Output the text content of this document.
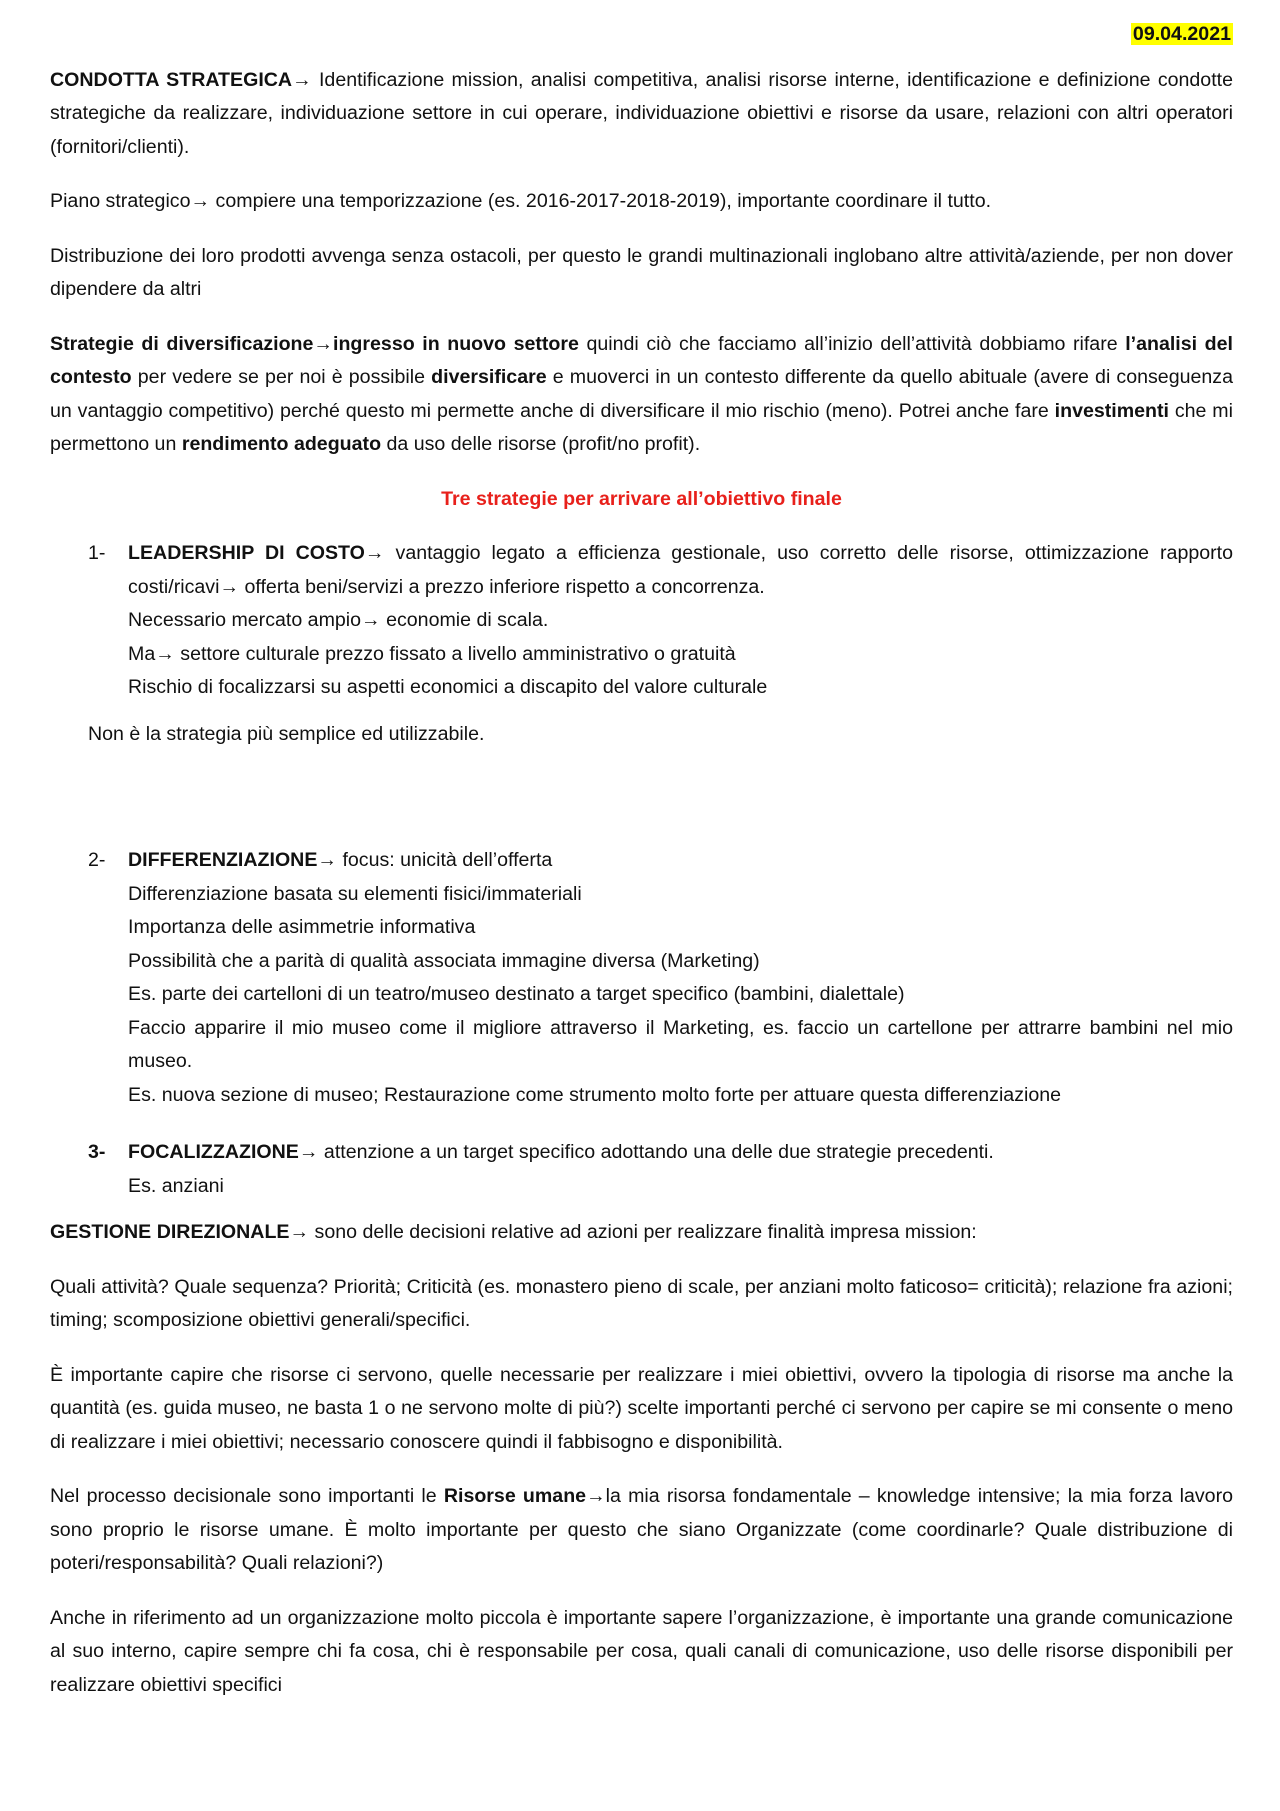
09.04.2021

CONDOTTA STRATEGICA→ Identificazione mission, analisi competitiva, analisi risorse interne, identificazione e definizione condotte strategiche da realizzare, individuazione settore in cui operare, individuazione obiettivi e risorse da usare, relazioni con altri operatori (fornitori/clienti).

Piano strategico→ compiere una temporizzazione (es. 2016-2017-2018-2019), importante coordinare il tutto.

Distribuzione dei loro prodotti avvenga senza ostacoli, per questo le grandi multinazionali inglobano altre attività/aziende, per non dover dipendere da altri

Strategie di diversificazione→ingresso in nuovo settore quindi ciò che facciamo all’inizio dell’attività dobbiamo rifare l’analisi del contesto per vedere se per noi è possibile diversificare e muoverci in un contesto differente da quello abituale (avere di conseguenza un vantaggio competitivo) perché questo mi permette anche di diversificare il mio rischio (meno). Potrei anche fare investimenti che mi permettono un rendimento adeguato da uso delle risorse (profit/no profit).

Tre strategie per arrivare all’obiettivo finale
1- LEADERSHIP DI COSTO→ vantaggio legato a efficienza gestionale, uso corretto delle risorse, ottimizzazione rapporto costi/ricavi→ offerta beni/servizi a prezzo inferiore rispetto a concorrenza.
Necessario mercato ampio→ economie di scala.
Ma→ settore culturale prezzo fissato a livello amministrativo o gratuità
Rischio di focalizzarsi su aspetti economici a discapito del valore culturale

Non è la strategia più semplice ed utilizzabile.

2- DIFFERENZIAZIONE→ focus: unicità dell’offerta
Differenziazione basata su elementi fisici/immateriali
Importanza delle asimmetrie informativa
Possibilità che a parità di qualità associata immagine diversa (Marketing)
Es. parte dei cartelloni di un teatro/museo destinato a target specifico (bambini, dialettale)
Faccio apparire il mio museo come il migliore attraverso il Marketing, es. faccio un cartellone per attrarre bambini nel mio museo.
Es. nuova sezione di museo; Restaurazione come strumento molto forte per attuare questa differenziazione
3- FOCALIZZAZIONE→ attenzione a un target specifico adottando una delle due strategie precedenti.
Es. anziani

GESTIONE DIREZIONALE→ sono delle decisioni relative ad azioni per realizzare finalità impresa mission:

Quali attività? Quale sequenza? Priorità; Criticità (es. monastero pieno di scale, per anziani molto faticoso= criticità); relazione fra azioni; timing; scomposizione obiettivi generali/specifici.

È importante capire che risorse ci servono, quelle necessarie per realizzare i miei obiettivi, ovvero la tipologia di risorse ma anche la quantità (es. guida museo, ne basta 1 o ne servono molte di più?) scelte importanti perché ci servono per capire se mi consente o meno di realizzare i miei obiettivi; necessario conoscere quindi il fabbisogno e disponibilità.

Nel processo decisionale sono importanti le Risorse umane→la mia risorsa fondamentale – knowledge intensive; la mia forza lavoro sono proprio le risorse umane. È molto importante per questo che siano Organizzate (come coordinarle? Quale distribuzione di poteri/responsabilità? Quali relazioni?)

Anche in riferimento ad un organizzazione molto piccola è importante sapere l’organizzazione, è importante una grande comunicazione al suo interno, capire sempre chi fa cosa, chi è responsabile per cosa, quali canali di comunicazione, uso delle risorse disponibili per realizzare obiettivi specifici
